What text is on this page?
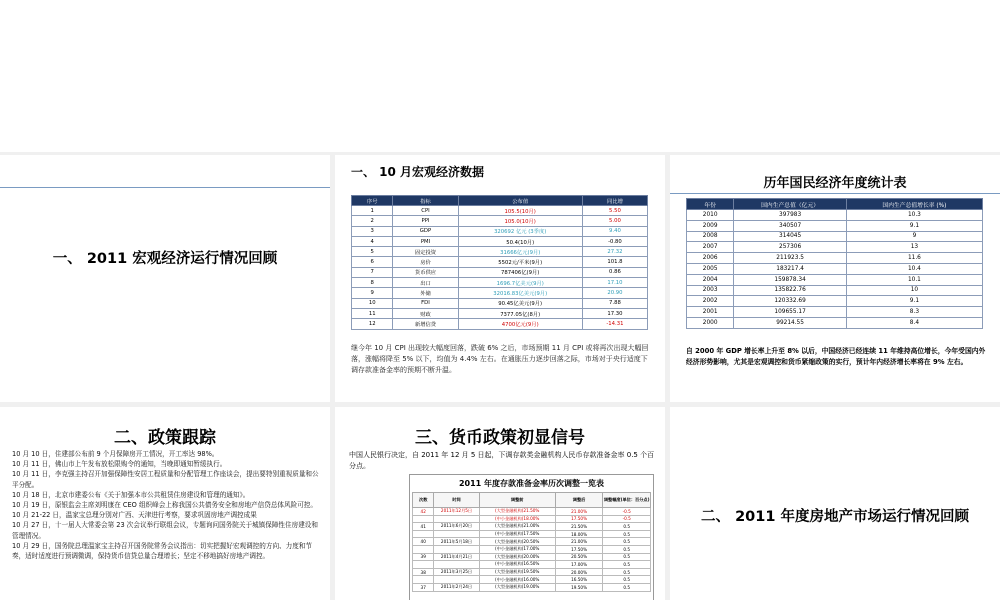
一、 2011 宏观经济运行情况回顾
一、 10 月宏观经济数据
序号	指标	公布值	同比增
1	CPI	105.5(10月)	5.50
2	PPI	105.0(10月)	5.00
3	GDP	320692 亿元 (3季度)	9.40
4	PMI	50.4(10月)	-0.80
5	固定投资	31666亿元(9月)	27.32
6	房价	5502元/平米(9月)	101.8
7	货币供应	787406亿(9月)	0.86
8	出口	1696.7亿美元(9月)	17.10
9	外储	32016.83亿美元(9月)	20.90
10	FDI	90.45亿美元(9月)	7.88
11	财政	7377.05亿(8月)	17.30
12	新增信贷	4700亿元(9月)	-14.31
继今年 10 月 CPI 出现较大幅度回落，跌破 6% 之后，市场预期 11 月 CPI 或将再次出现大幅回落，涨幅将降至 5% 以下，均值为 4.4% 左右。在通胀压力逐步回落之际，市场对于央行适度下调存款准备金率的预期不断升温。
历年国民经济年度统计表
年份	国内生产总值（亿元）	国内生产总值增长率 (%)
2010	397983	10.3
2009	340507	9.1
2008	314045	9
2007	257306	13
2006	211923.5	11.6
2005	183217.4	10.4
2004	159878.34	10.1
2003	135822.76	10
2002	120332.69	9.1
2001	109655.17	8.3
2000	99214.55	8.4
自 2000 年 GDP 增长率上升至 8% 以后，中国经济已经连续 11 年维持高位增长，今年受国内外经济形势影响，尤其是宏观调控和货币紧缩政策的实行，预计年内经济增长率将在 9% 左右。
二、政策跟踪
10 月 10 日，住建部公布前 9 个月保障房开工情况，开工率达 98%。
10 月 11 日，佛山市上午发布放松限购令的通知，当晚即通知暂缓执行。
10 月 11 日，李克强主持召开加强保障性安居工程质量和分配管理工作座谈会，提出要特别重视质量和公平分配。
10 月 18 日，北京市建委公布《关于加强本市公共租赁住房建设和管理的通知》。
10 月 19 日，原银监会主席刘明康在 CEO 组织峰会上称我国公共债务安全和房地产信贷总体风险可控。
10 月 21-22 日，温家宝总理分别对广西、天津进行考察，要求巩固房地产调控成果
10 月 27 日，十一届人大常委会第 23 次会议举行联组会议，专题询问国务院关于城镇保障性住房建设和管理情况。
10 月 29 日，国务院总理温家宝主持召开国务院常务会议指出：切实把握好宏观调控的方向、力度和节奏，适时适度进行预调微调，保持货币信贷总量合理增长；坚定不移地搞好房地产调控。
三、货币政策初显信号
中国人民银行决定，自 2011 年 12 月 5 日起，下调存款类金融机构人民币存款准备金率 0.5 个百分点。
2011 年度存款准备金率历次调整一览表
次数	时间	调整前	调整后	调整幅度(单位：百分点)
42	2011年12月5日	(大型金融机构)21.50%	21.00%	-0.5
		(中小金融机构)18.00%	17.50%	-0.5
41	2011年6月20日	(大型金融机构)21.00%	21.50%	0.5
		(中小金融机构)17.50%	18.00%	0.5
40	2011年5月18日	(大型金融机构)20.50%	21.00%	0.5
		(中小金融机构)17.00%	17.50%	0.5
39	2011年4月21日	(大型金融机构)20.00%	20.50%	0.5
		(中小金融机构)16.50%	17.00%	0.5
38	2011年3月25日	(大型金融机构)19.50%	20.00%	0.5
		(中小金融机构)16.00%	16.50%	0.5
37	2011年2月24日	(大型金融机构)19.00%	19.50%	0.5
二、 2011 年度房地产市场运行情况回顾
